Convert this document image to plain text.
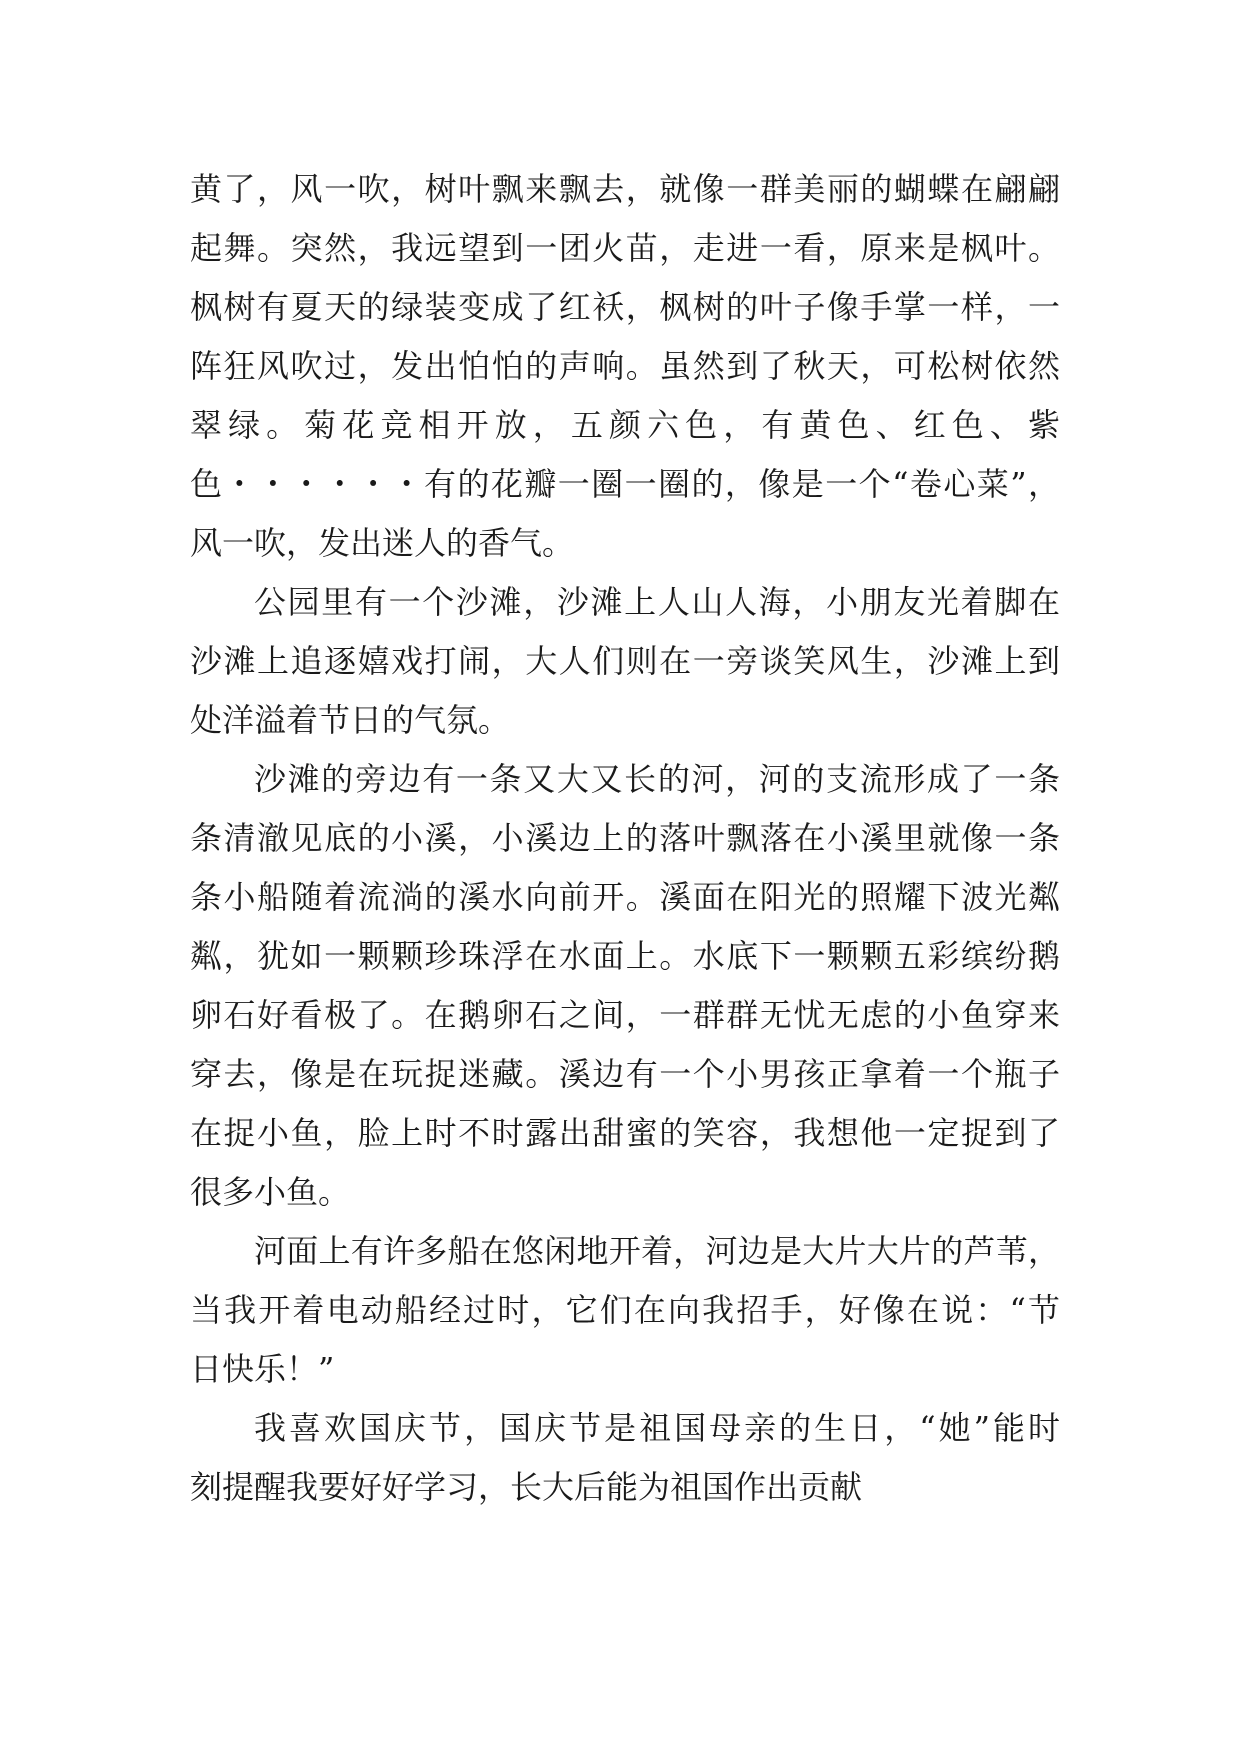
黄了，风一吹，树叶飘来飘去，就像一群美丽的蝴蝶在翩翩
起舞。突然，我远望到一团火苗，走进一看，原来是枫叶。
枫树有夏天的绿装变成了红袄，枫树的叶子像手掌一样，一
阵狂风吹过，发出怕怕的声响。虽然到了秋天，可松树依然
翠绿。菊花竞相开放，五颜六色，有黄色、红色、紫
色・・・・・・有的花瓣一圈一圈的，像是一个“卷心菜”，
风一吹，发出迷人的香气。
公园里有一个沙滩，沙滩上人山人海，小朋友光着脚在
沙滩上追逐嬉戏打闹，大人们则在一旁谈笑风生，沙滩上到
处洋溢着节日的气氛。
沙滩的旁边有一条又大又长的河，河的支流形成了一条
条清澈见底的小溪，小溪边上的落叶飘落在小溪里就像一条
条小船随着流淌的溪水向前开。溪面在阳光的照耀下波光粼
粼，犹如一颗颗珍珠浮在水面上。水底下一颗颗五彩缤纷鹅
卵石好看极了。在鹅卵石之间，一群群无忧无虑的小鱼穿来
穿去，像是在玩捉迷藏。溪边有一个小男孩正拿着一个瓶子
在捉小鱼，脸上时不时露出甜蜜的笑容，我想他一定捉到了
很多小鱼。
河面上有许多船在悠闲地开着，河边是大片大片的芦苇，
当我开着电动船经过时，它们在向我招手，好像在说：“节
日快乐！”
我喜欢国庆节，国庆节是祖国母亲的生日，“她”能时
刻提醒我要好好学习，长大后能为祖国作出贡献
